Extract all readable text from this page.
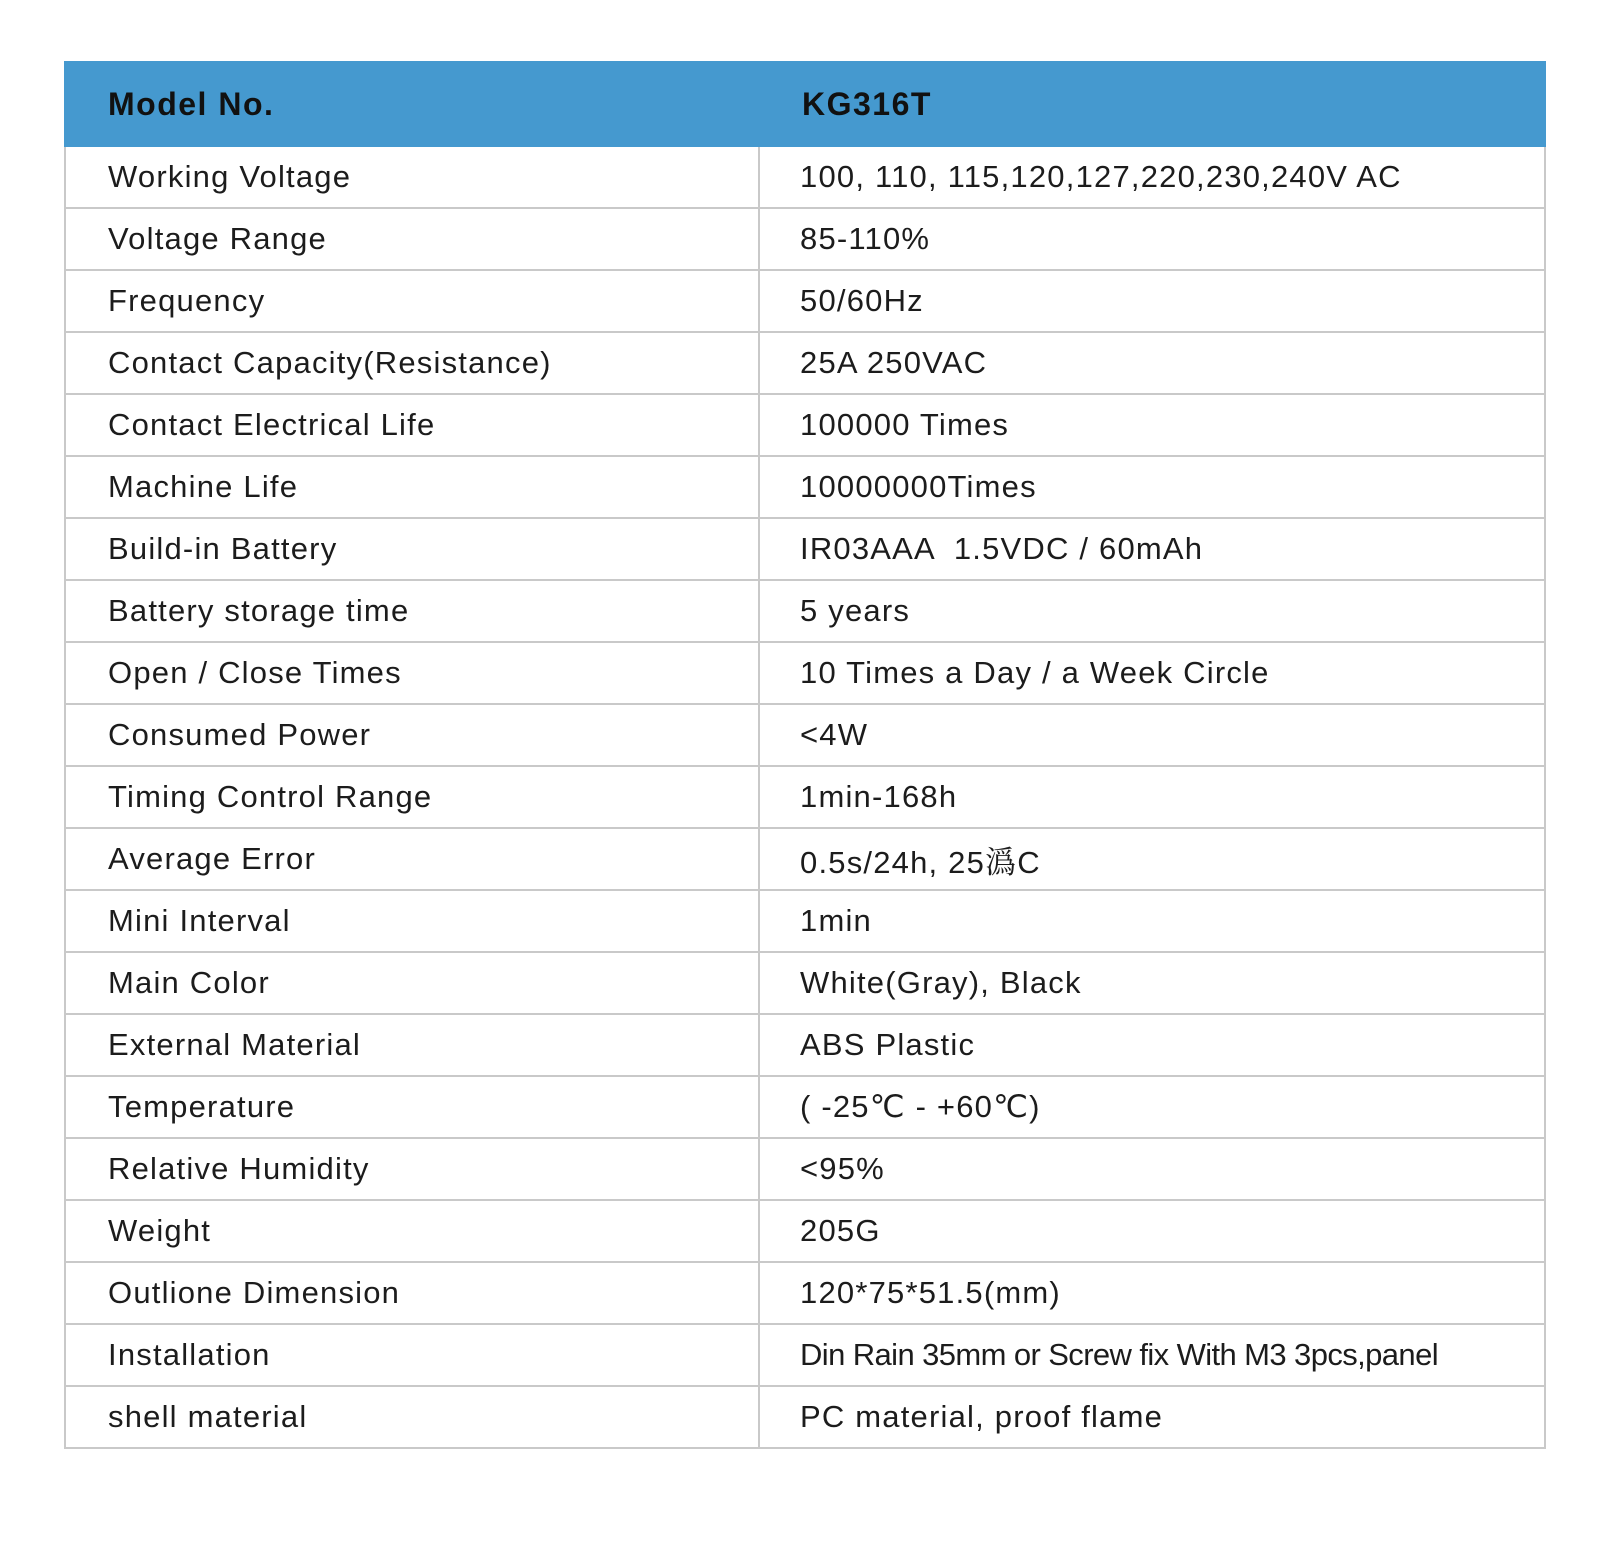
Model No.	KG316T
Working Voltage	100, 110, 115,120,127,220,230,240V AC
Voltage Range	85-110%
Frequency	50/60Hz
Contact Capacity(Resistance)	25A 250VAC
Contact Electrical Life	100000 Times
Machine Life	10000000Times
Build-in Battery	IR03AAA  1.5VDC / 60mAh
Battery storage time	5 years
Open / Close Times	10 Times a Day / a Week Circle
Consumed Power	<4W
Timing Control Range	1min-168h
Average Error	0.5s/24h, 25潙C
Mini Interval	1min
Main Color	White(Gray), Black
External Material	ABS Plastic
Temperature	( -25℃ - +60℃)
Relative Humidity	<95%
Weight	205G
Outlione Dimension	120*75*51.5(mm)
Installation	Din Rain 35mm or Screw fix With M3 3pcs,panel
shell material	PC material, proof flame
